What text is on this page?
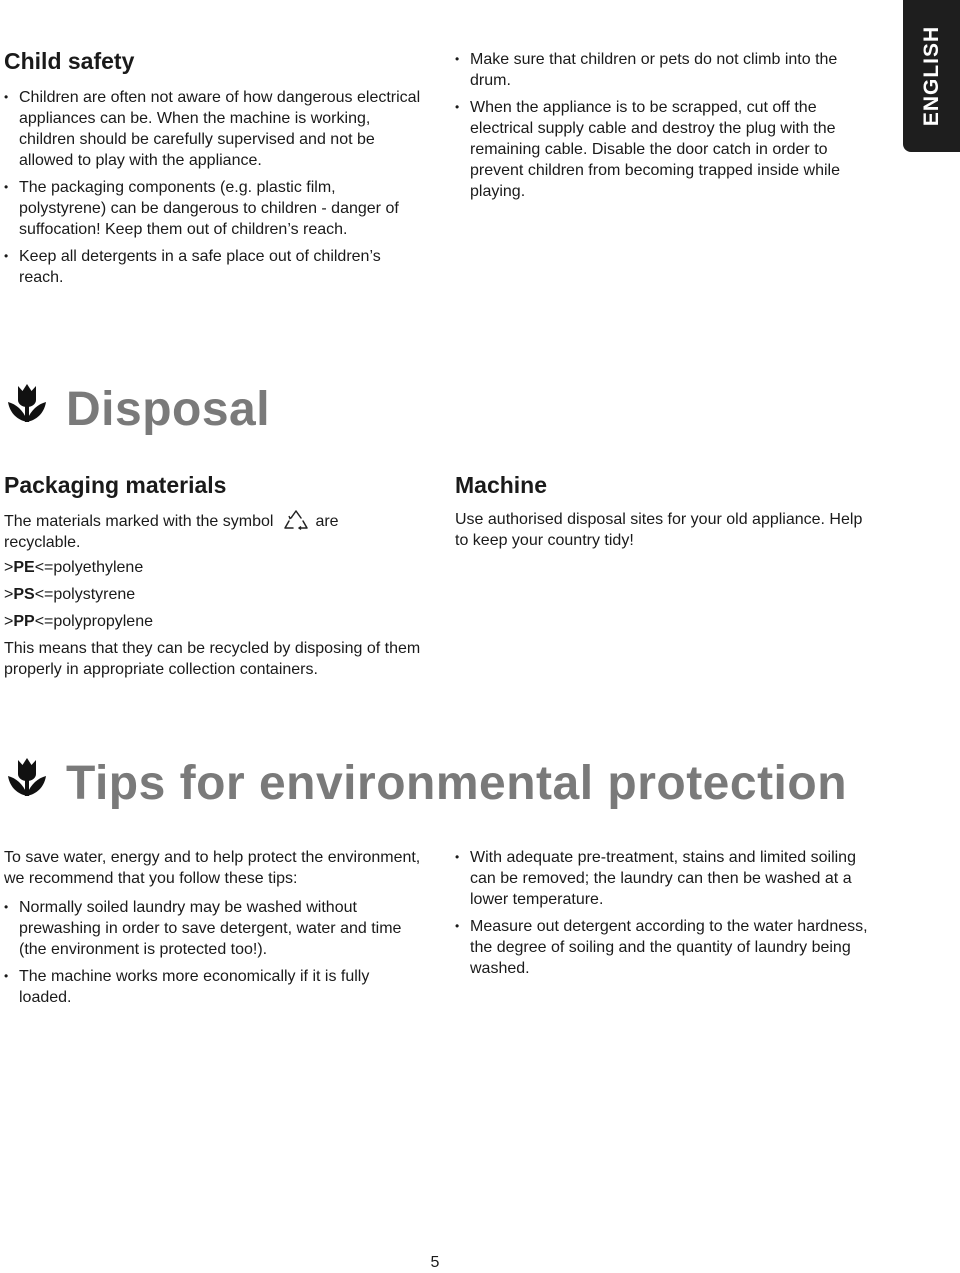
ENGLISH
Child safety
• Children are often not aware of how dangerous electrical appliances can be. When the machine is working, children should be carefully supervised and not be allowed to play with the appliance.
• The packaging components (e.g. plastic film, polystyrene) can be dangerous to children - danger of suffocation! Keep them out of children’s reach.
• Keep all detergents in a safe place out of children’s reach.
• Make sure that children or pets do not climb into the drum.
• When the appliance is to be scrapped, cut off the electrical supply cable and destroy the plug with the remaining cable. Disable the door catch in order to prevent children from becoming trapped inside while playing.
Disposal
Packaging materials

The materials marked with the symbol	are
recyclable.

>PE<=polyethylene

>PS<=polystyrene

>PP<=polypropylene

This means that they can be recycled by disposing of them properly in appropriate collection containers.

Machine

Use authorised disposal sites for your old appliance. Help to keep your country tidy!

Tips for environmental protection

To save water, energy and to help protect the environment, we recommend that you follow these tips:

• Normally soiled laundry may be washed without prewashing in order to save detergent, water and time (the environment is protected too!).
• The machine works more economically if it is fully loaded.
• With adequate pre-treatment, stains and limited soiling can be removed; the laundry can then be washed at a lower temperature.
• Measure out detergent according to the water hardness, the degree of soiling and the quantity of laundry being washed.
5
